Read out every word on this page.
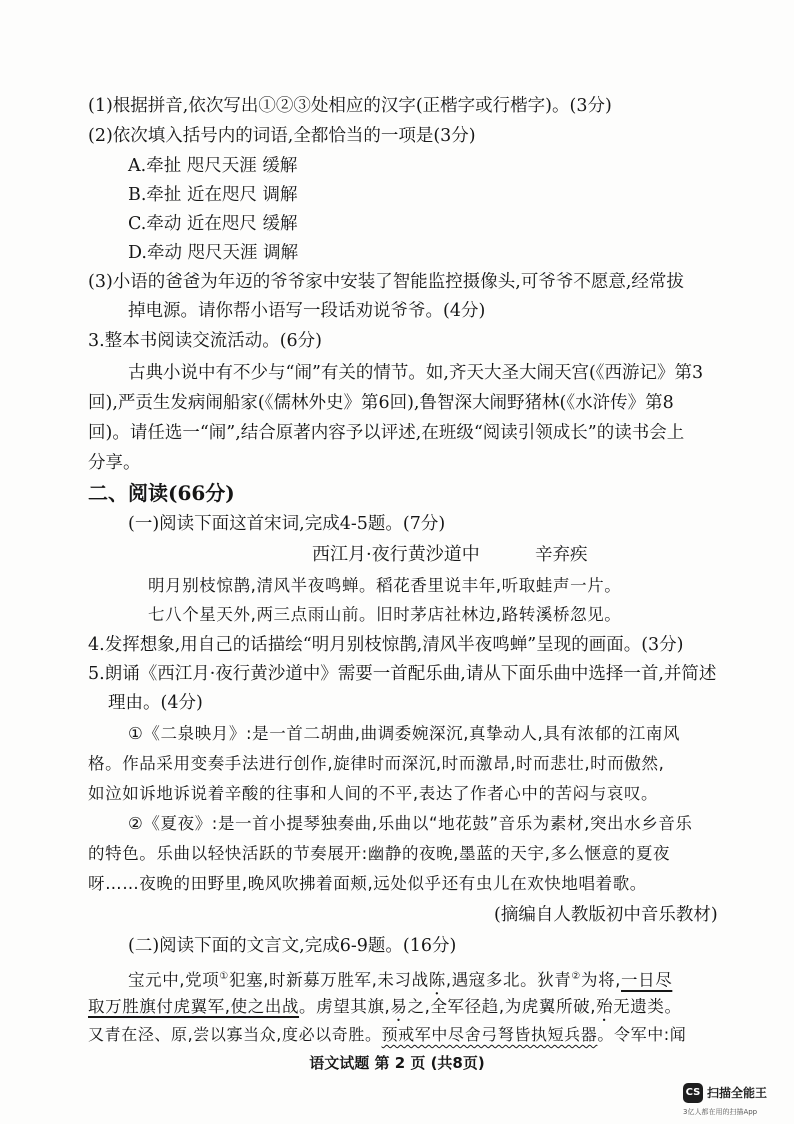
(1)根据拼音,依次写出①②③处相应的汉字(正楷字或行楷字)。(3分)
(2)依次填入括号内的词语,全都恰当的一项是(3分)
A.牵扯 咫尺天涯 缓解
B.牵扯 近在咫尺 调解
C.牵动 近在咫尺 缓解
D.牵动 咫尺天涯 调解
(3)小语的爸爸为年迈的爷爷家中安装了智能监控摄像头,可爷爷不愿意,经常拔
掉电源。请你帮小语写一段话劝说爷爷。(4分)
3.整本书阅读交流活动。(6分)
古典小说中有不少与“闹”有关的情节。如,齐天大圣大闹天宫(《西游记》第3
回),严贡生发病闹船家(《儒林外史》第6回),鲁智深大闹野猪林(《水浒传》第8
回)。请任选一“闹”,结合原著内容予以评述,在班级“阅读引领成长”的读书会上
分享。
二、阅读(66分)
(一)阅读下面这首宋词,完成4-5题。(7分)
西江月·夜行黄沙道中	辛弃疾
明月别枝惊鹊,清风半夜鸣蝉。稻花香里说丰年,听取蛙声一片。
七八个星天外,两三点雨山前。旧时茅店社林边,路转溪桥忽见。
4.发挥想象,用自己的话描绘“明月别枝惊鹊,清风半夜鸣蝉”呈现的画面。(3分)
5.朗诵《西江月·夜行黄沙道中》需要一首配乐曲,请从下面乐曲中选择一首,并简述
理由。(4分)
①《二泉映月》:是一首二胡曲,曲调委婉深沉,真挚动人,具有浓郁的江南风
格。作品采用变奏手法进行创作,旋律时而深沉,时而激昂,时而悲壮,时而傲然,
如泣如诉地诉说着辛酸的往事和人间的不平,表达了作者心中的苦闷与哀叹。
②《夏夜》:是一首小提琴独奏曲,乐曲以“地花鼓”音乐为素材,突出水乡音乐
的特色。乐曲以轻快活跃的节奏展开:幽静的夜晚,墨蓝的天宇,多么惬意的夏夜
呀……夜晚的田野里,晚风吹拂着面颊,远处似乎还有虫儿在欢快地唱着歌。
(摘编自人教版初中音乐教材)
(二)阅读下面的文言文,完成6-9题。(16分)
宝元中,党项①犯塞,时新募万胜军,未习战陈,遇寇多北。狄青②为将,一日尽
取万胜旗付虎翼军,使之出战。虏望其旗,易之,全军径趋,为虎翼所破,殆无遗类。
又青在泾、原,尝以寡当众,度必以奇胜。预戒军中尽舍弓弩皆执短兵器。令军中:闻
语文试题 第 2 页 (共8页)
CS 扫描全能王
3亿人都在用的扫描App
